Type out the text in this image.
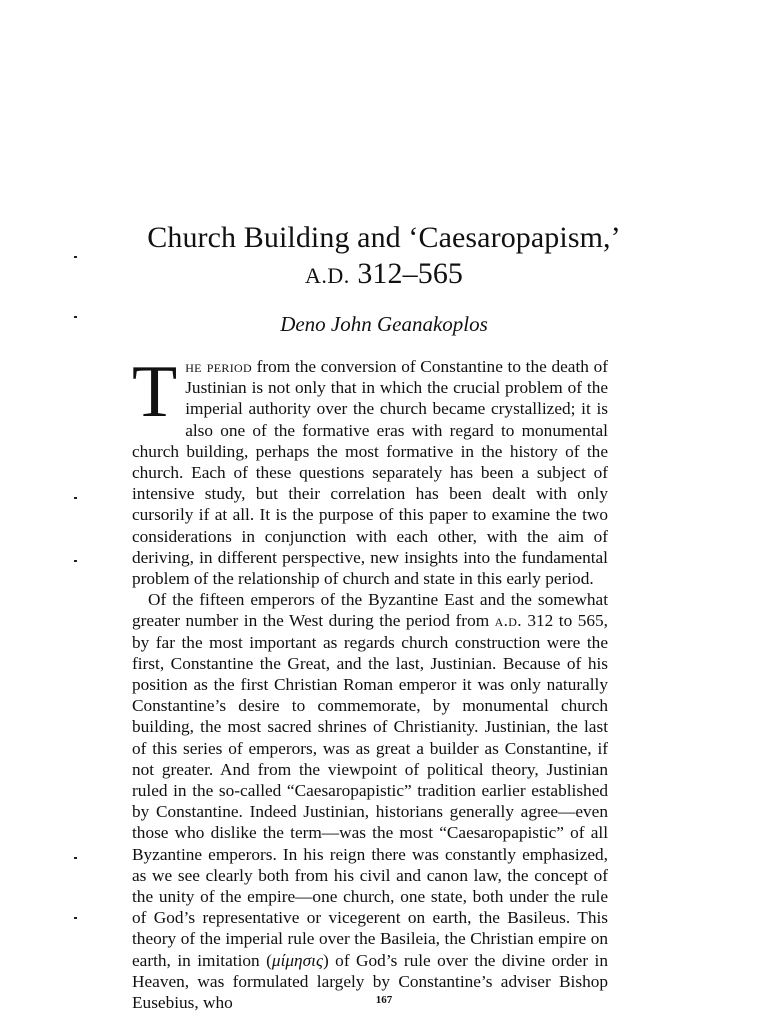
Church Building and ‘Caesaropapism,’
A.D. 312–565
Deno John Geanakoplos

The period from the conversion of Constantine to the death of Justinian is not only that in which the crucial problem of the imperial authority over the church became crystallized; it is also one of the formative eras with regard to monumental church building, perhaps the most formative in the history of the church. Each of these questions separately has been a subject of intensive study, but their correlation has been dealt with only cursorily if at all. It is the purpose of this paper to examine the two considerations in conjunction with each other, with the aim of deriving, in different perspective, new insights into the fundamental problem of the relationship of church and state in this early period.

Of the fifteen emperors of the Byzantine East and the somewhat greater number in the West during the period from a.d. 312 to 565, by far the most important as regards church construction were the first, Constantine the Great, and the last, Justinian. Because of his position as the first Christian Roman emperor it was only naturally Constantine’s desire to commemorate, by monumental church building, the most sacred shrines of Christianity. Justinian, the last of this series of emperors, was as great a builder as Constantine, if not greater. And from the viewpoint of political theory, Justinian ruled in the so-called “Caesaropapistic” tradition earlier established by Constantine. Indeed Justinian, historians generally agree—even those who dislike the term—was the most “Caesaropapistic” of all Byzantine emperors. In his reign there was constantly emphasized, as we see clearly both from his civil and canon law, the concept of the unity of the empire—one church, one state, both under the rule of God’s representative or vicegerent on earth, the Basileus. This theory of the imperial rule over the Basileia, the Christian empire on earth, in imitation (μίμησις) of God’s rule over the divine order in Heaven, was formulated largely by Constantine’s adviser Bishop Eusebius, who	167
